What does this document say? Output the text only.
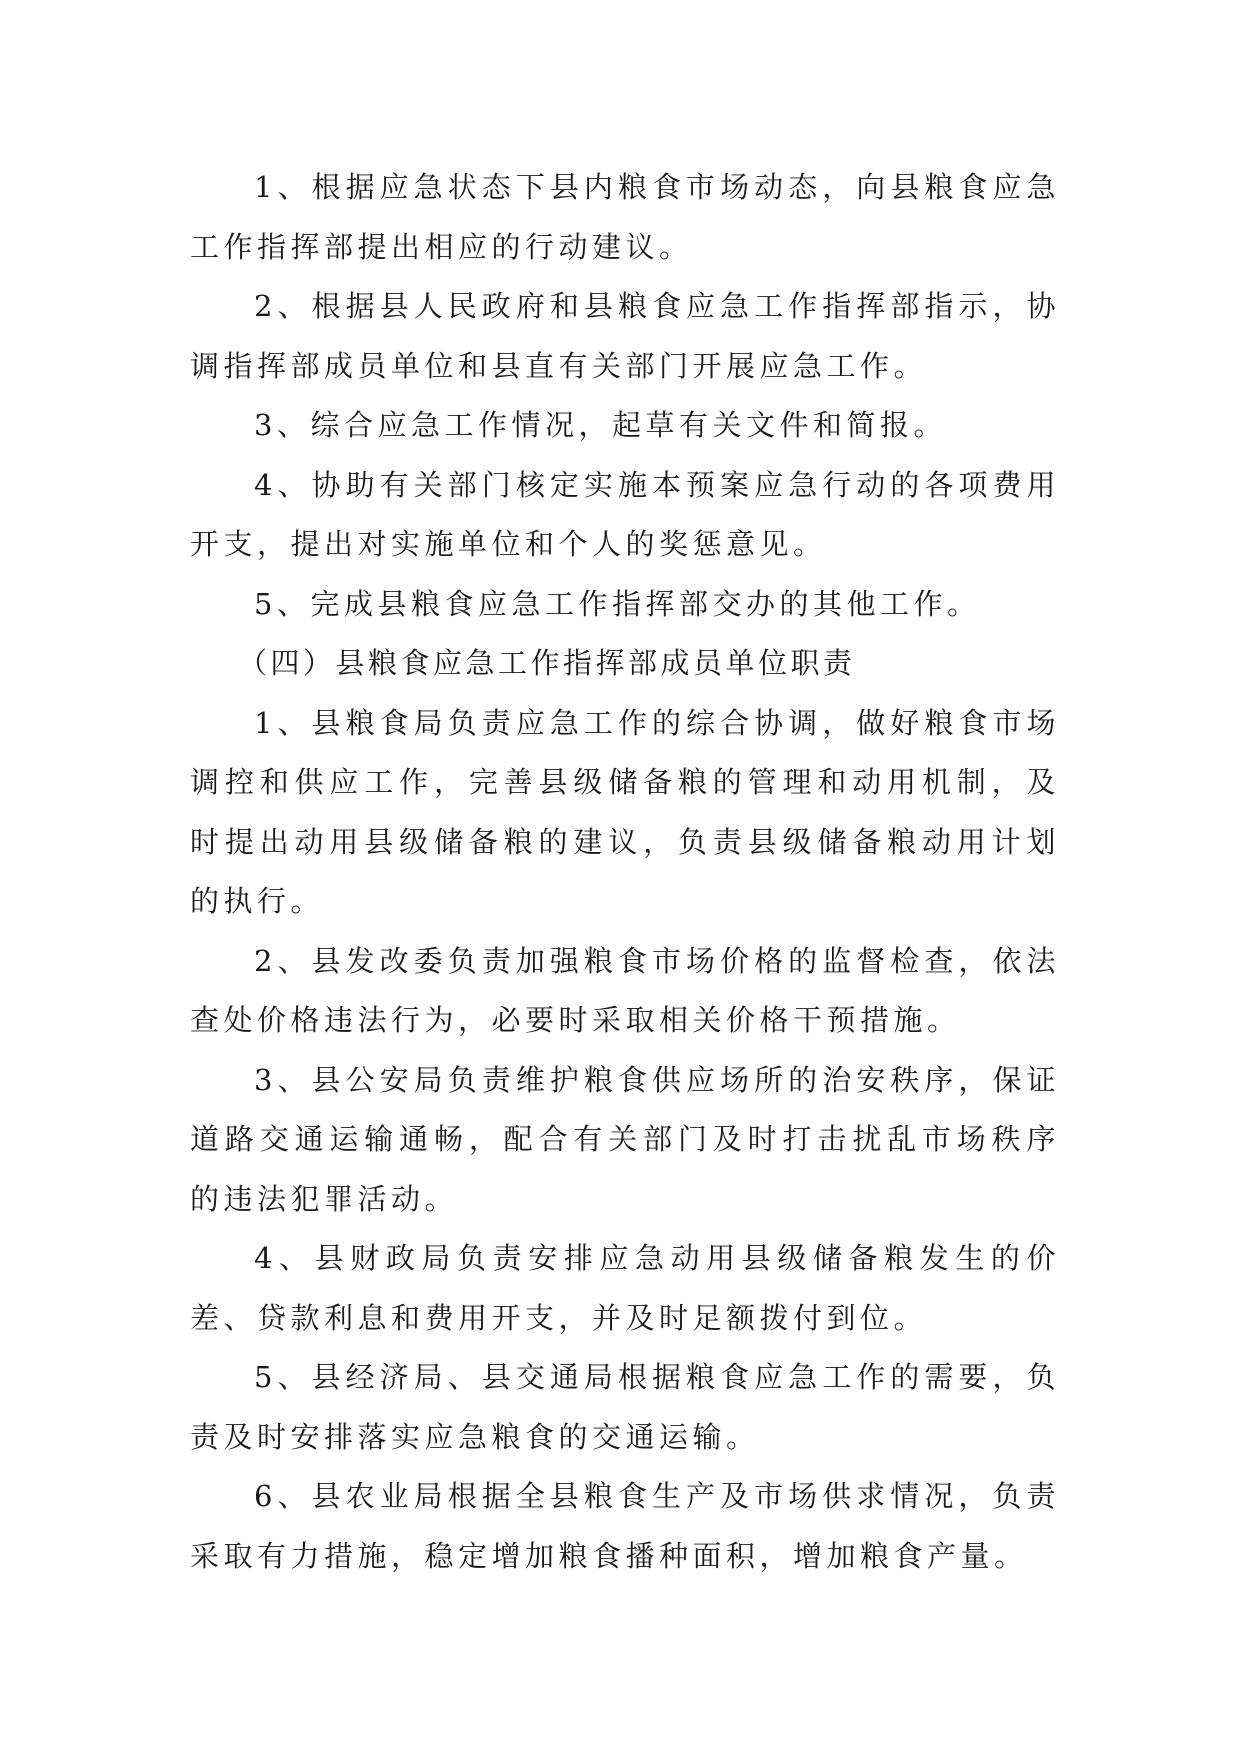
1、根据应急状态下县内粮食市场动态，向县粮食应急工作指挥部提出相应的行动建议。

2、根据县人民政府和县粮食应急工作指挥部指示，协调指挥部成员单位和县直有关部门开展应急工作。

3、综合应急工作情况，起草有关文件和简报。

4、协助有关部门核定实施本预案应急行动的各项费用开支，提出对实施单位和个人的奖惩意见。

5、完成县粮食应急工作指挥部交办的其他工作。

（四）县粮食应急工作指挥部成员单位职责

1、县粮食局负责应急工作的综合协调，做好粮食市场调控和供应工作，完善县级储备粮的管理和动用机制，及时提出动用县级储备粮的建议，负责县级储备粮动用计划的执行。

2、县发改委负责加强粮食市场价格的监督检查，依法查处价格违法行为，必要时采取相关价格干预措施。

3、县公安局负责维护粮食供应场所的治安秩序，保证道路交通运输通畅，配合有关部门及时打击扰乱市场秩序的违法犯罪活动。

4、县财政局负责安排应急动用县级储备粮发生的价差、贷款利息和费用开支，并及时足额拨付到位。

5、县经济局、县交通局根据粮食应急工作的需要，负责及时安排落实应急粮食的交通运输。

6、县农业局根据全县粮食生产及市场供求情况，负责采取有力措施，稳定增加粮食播种面积，增加粮食产量。
